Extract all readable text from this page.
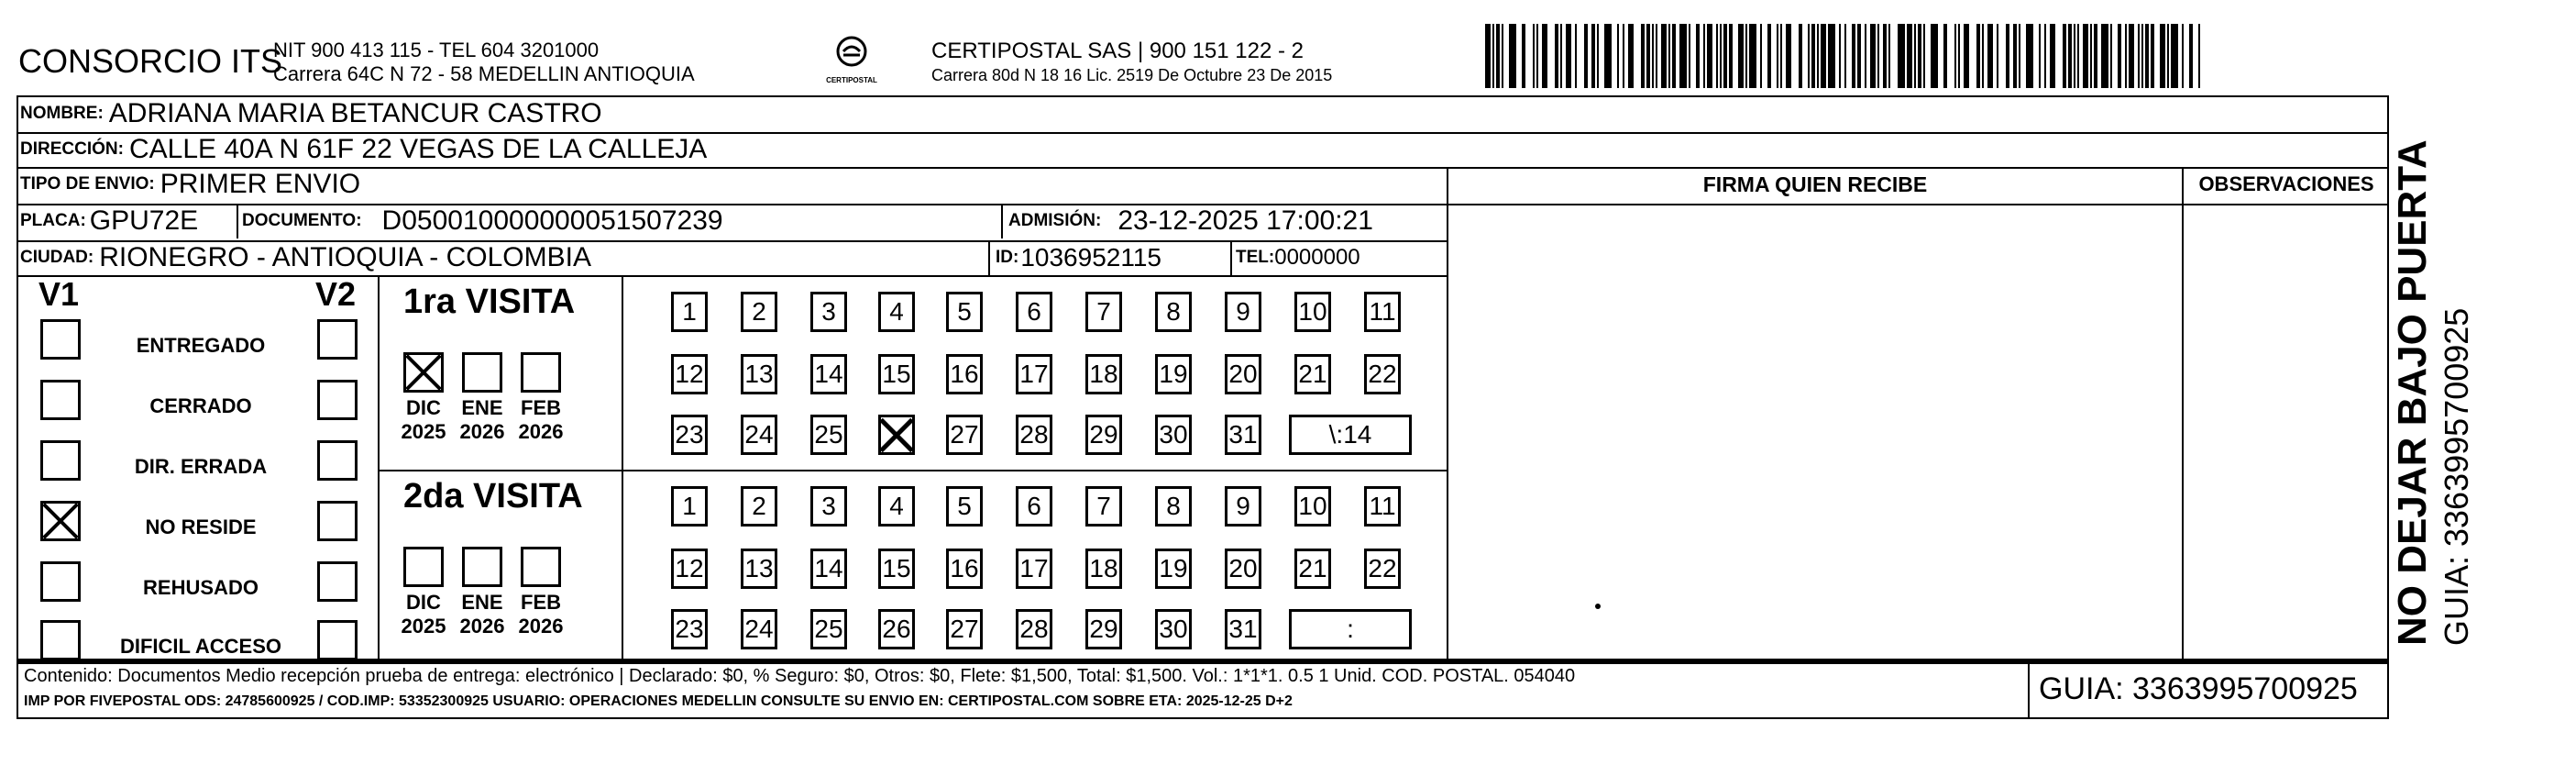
CONSORCIO ITS
NIT 900 413 115 - TEL 604 3201000
Carrera 64C N 72 - 58 MEDELLIN ANTIOQUIA	CERTIPOSTAL
CERTIPOSTAL SAS | 900 151 122 - 2
Carrera 80d N 18 16 Lic. 2519 De Octubre 23 De 2015
NOMBRE: ADRIANA MARIA BETANCUR CASTRO
DIRECCIÓN: CALLE 40A N 61F 22 VEGAS DE LA CALLEJA
TIPO DE ENVIO: PRIMER ENVIO
PLACA: GPU72E	DOCUMENTO: D050010000000051507239	ADMISIÓN: 23-12-2025 17:00:21
CIUDAD: RIONEGRO - ANTIOQUIA - COLOMBIA	ID: 1036952115	TEL: 0000000
FIRMA QUIEN RECIBE	OBSERVACIONES
V1	V2
ENTREGADO
CERRADO
DIR. ERRADA
NO RESIDE
REHUSADO
DIFICIL ACCESO
1ra VISITA
DIC
2025
ENE
2026
FEB
2026
1	2	3	4	5	6	7	8	9	10 11
12 13 14 15 16 17 18 19 20 21 22
23 24 25	27 28 29 30 31	\:14
2da VISITA
DIC
2025
ENE
2026
FEB
2026
1	2	3	4	5	6	7	8	9	10 11
12 13 14 15 16 17 18 19 20 21 22
23 24 25 26 27 28 29 30 31	:
Contenido: Documentos Medio recepción prueba de entrega: electrónico | Declarado: $0, % Seguro: $0, Otros: $0, Flete: $1,500, Total: $1,500. Vol.: 1*1*1. 0.5 1 Unid. COD. POSTAL. 054040
IMP POR FIVEPOSTAL ODS: 24785600925 / COD.IMP: 53352300925 USUARIO: OPERACIONES MEDELLIN CONSULTE SU ENVIO EN: CERTIPOSTAL.COM SOBRE ETA: 2025-12-25 D+2	GUIA: 3363995700925
NO DEJAR BAJO PUERTA GUIA: 3363995700925
